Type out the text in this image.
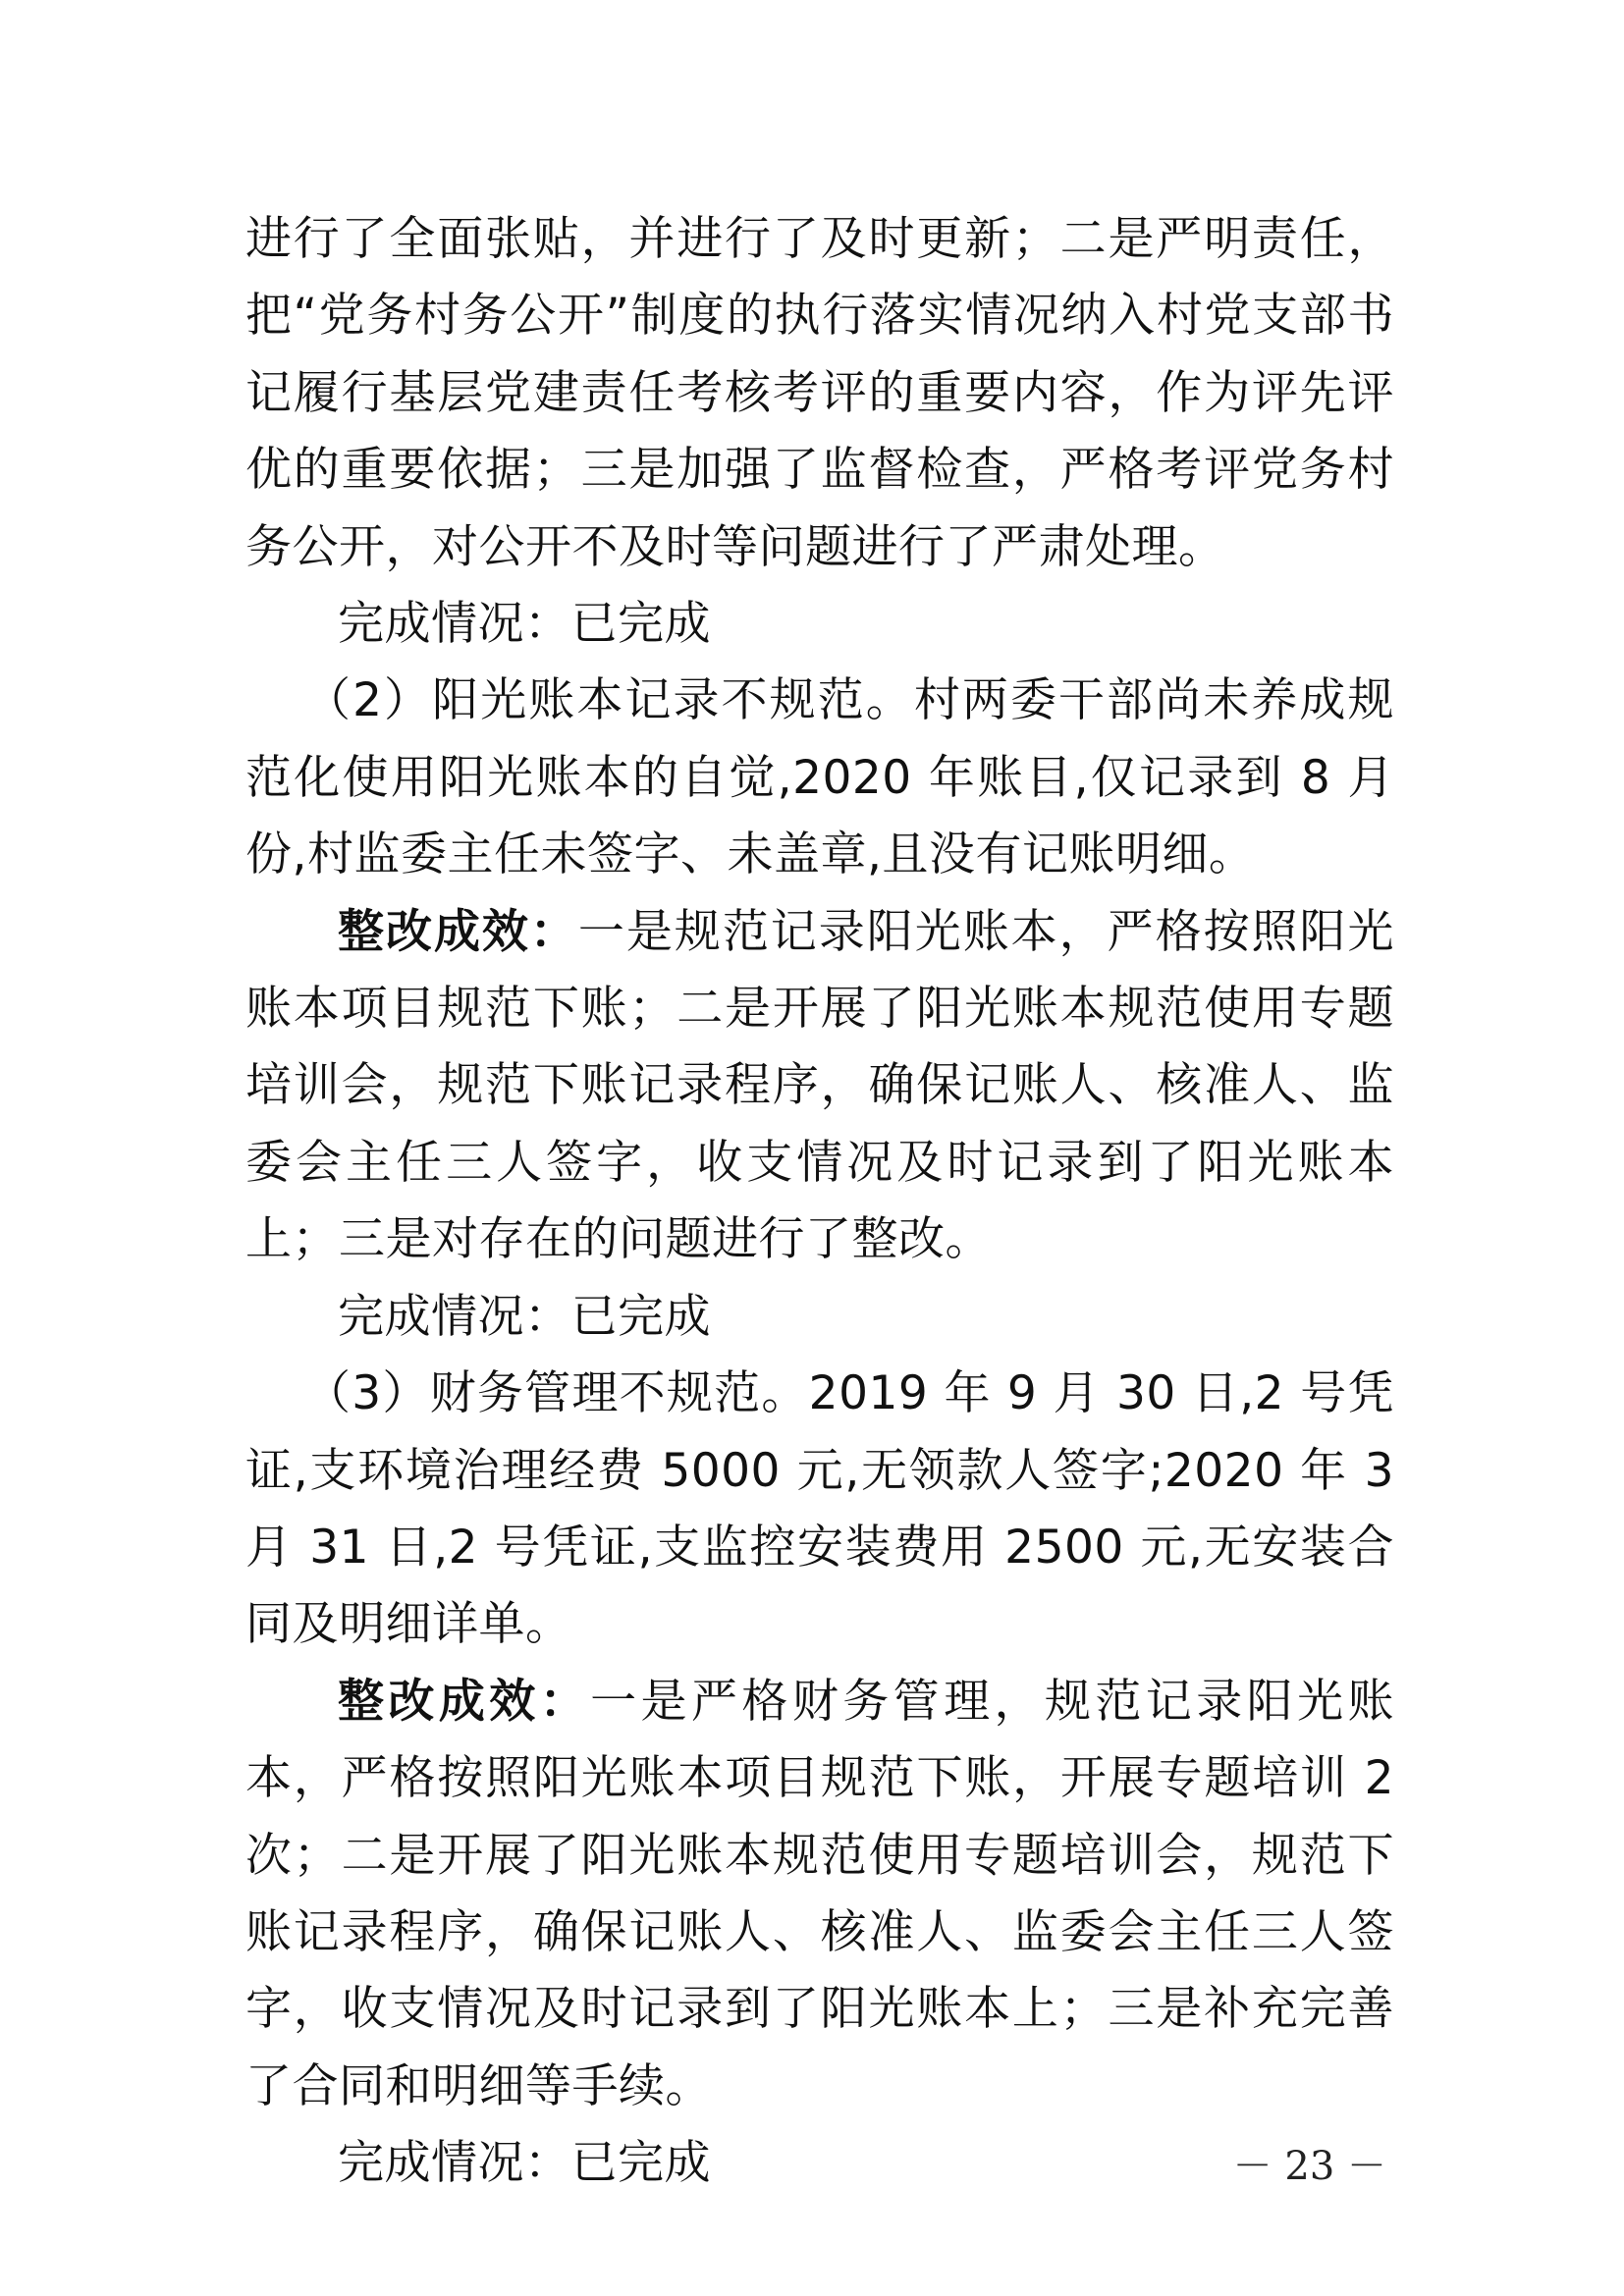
进行了全面张贴，并进行了及时更新；二是严明责任，把“党务村务公开”制度的执行落实情况纳入村党支部书记履行基层党建责任考核考评的重要内容，作为评先评优的重要依据；三是加强了监督检查，严格考评党务村务公开，对公开不及时等问题进行了严肃处理。

完成情况：已完成

（2）阳光账本记录不规范。村两委干部尚未养成规范化使用阳光账本的自觉,2020 年账目,仅记录到 8 月份,村监委主任未签字、未盖章,且没有记账明细。

整改成效：一是规范记录阳光账本，严格按照阳光账本项目规范下账；二是开展了阳光账本规范使用专题培训会，规范下账记录程序，确保记账人、核准人、监委会主任三人签字，收支情况及时记录到了阳光账本上；三是对存在的问题进行了整改。

完成情况：已完成

（3）财务管理不规范。2019 年 9 月 30 日,2 号凭证,支环境治理经费 5000 元,无领款人签字;2020 年 3 月 31 日,2 号凭证,支监控安装费用 2500 元,无安装合同及明细详单。

整改成效：一是严格财务管理，规范记录阳光账本，严格按照阳光账本项目规范下账，开展专题培训 2 次；二是开展了阳光账本规范使用专题培训会，规范下账记录程序，确保记账人、核准人、监委会主任三人签字，收支情况及时记录到了阳光账本上；三是补充完善了合同和明细等手续。

完成情况：已完成	－ 23 －
